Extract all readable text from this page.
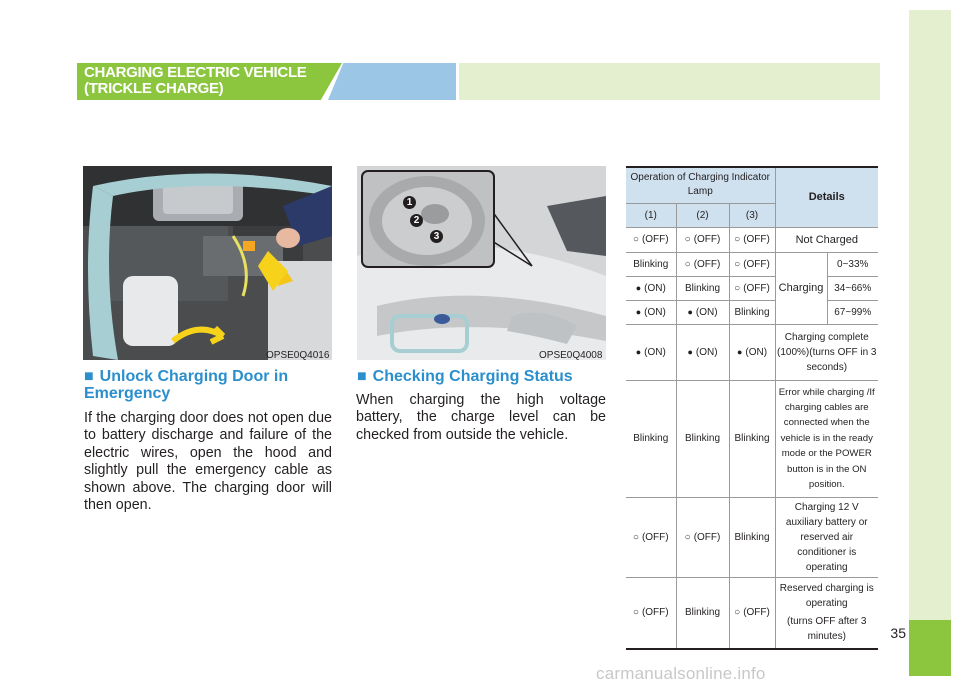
35
CHARGING ELECTRIC VEHICLE
(TRICKLE CHARGE)
OPSE0Q4016
■ Unlock Charging Door in Emergency
If the charging door does not open due to battery discharge and failure of the electric wires, open the hood and slightly pull the emergency cable as shown above. The charging door will then open.
OPSE0Q4008
1
2
3
■ Checking Charging Status
When charging the high voltage battery, the charge level can be checked from outside the vehicle.
Operation of Charging Indicator Lamp			Details	
(1)	(2)	(3)		
○ (OFF)	○(OFF)	○(OFF)	Not Charged	
Blinking	○(OFF)	○(OFF)	Charging	0~33%
● (ON)	Blinking	○(OFF)		34~66%
● (ON)	●(ON)	Blinking		67~99%
● (ON)	●(ON)	●(ON)	Charging complete (100%)(turns OFF in 3 seconds)	
Blinking	Blinking	Blinking	Error while charging /If charging cables are connected when the vehicle is in the ready mode or the POWER button is in the ON position.	
○ (OFF)	○(OFF)	Blinking	Charging 12 V auxiliary battery or reserved air conditioner is operating	
○ (OFF)	Blinking	○(OFF)	Reserved charging is operating
(turns OFF after 3 minutes)	
carmanualsonline.info
